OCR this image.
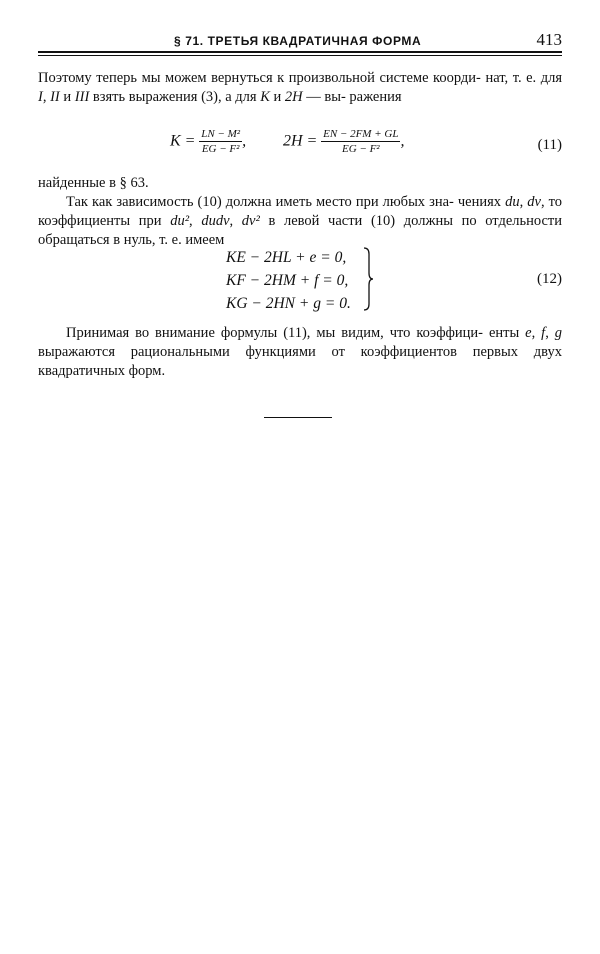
§ 71. ТРЕТЬЯ КВАДРАТИЧНАЯ ФОРМА	413

Поэтому теперь мы можем вернуться к произвольной системе коорди- нат, т. е. для I, II и III взять выражения (3), а для K и 2H — вы- ражения

$K = \frac{\text{LN − M²}}{\text{EG − F²}}$ , $2H = \frac{EN - 2FM + GL}{\text{EG − F²}}$ ,	(11)

найденные в § 63.

Так как зависимость (10) должна иметь место при любых зна- чениях du, dv, то коэффициенты при du², dudv, dv² в левой части (10) должны по отдельности обращаться в нуль, т. е. имеем

KE − 2HL + e = 0,
KF − 2HM + f = 0,
KG − 2HN + g = 0.
(12)

Принимая во внимание формулы (11), мы видим, что коэффици- енты e, f, g выражаются рациональными функциями от коэффициентов первых двух квадратичных форм.
